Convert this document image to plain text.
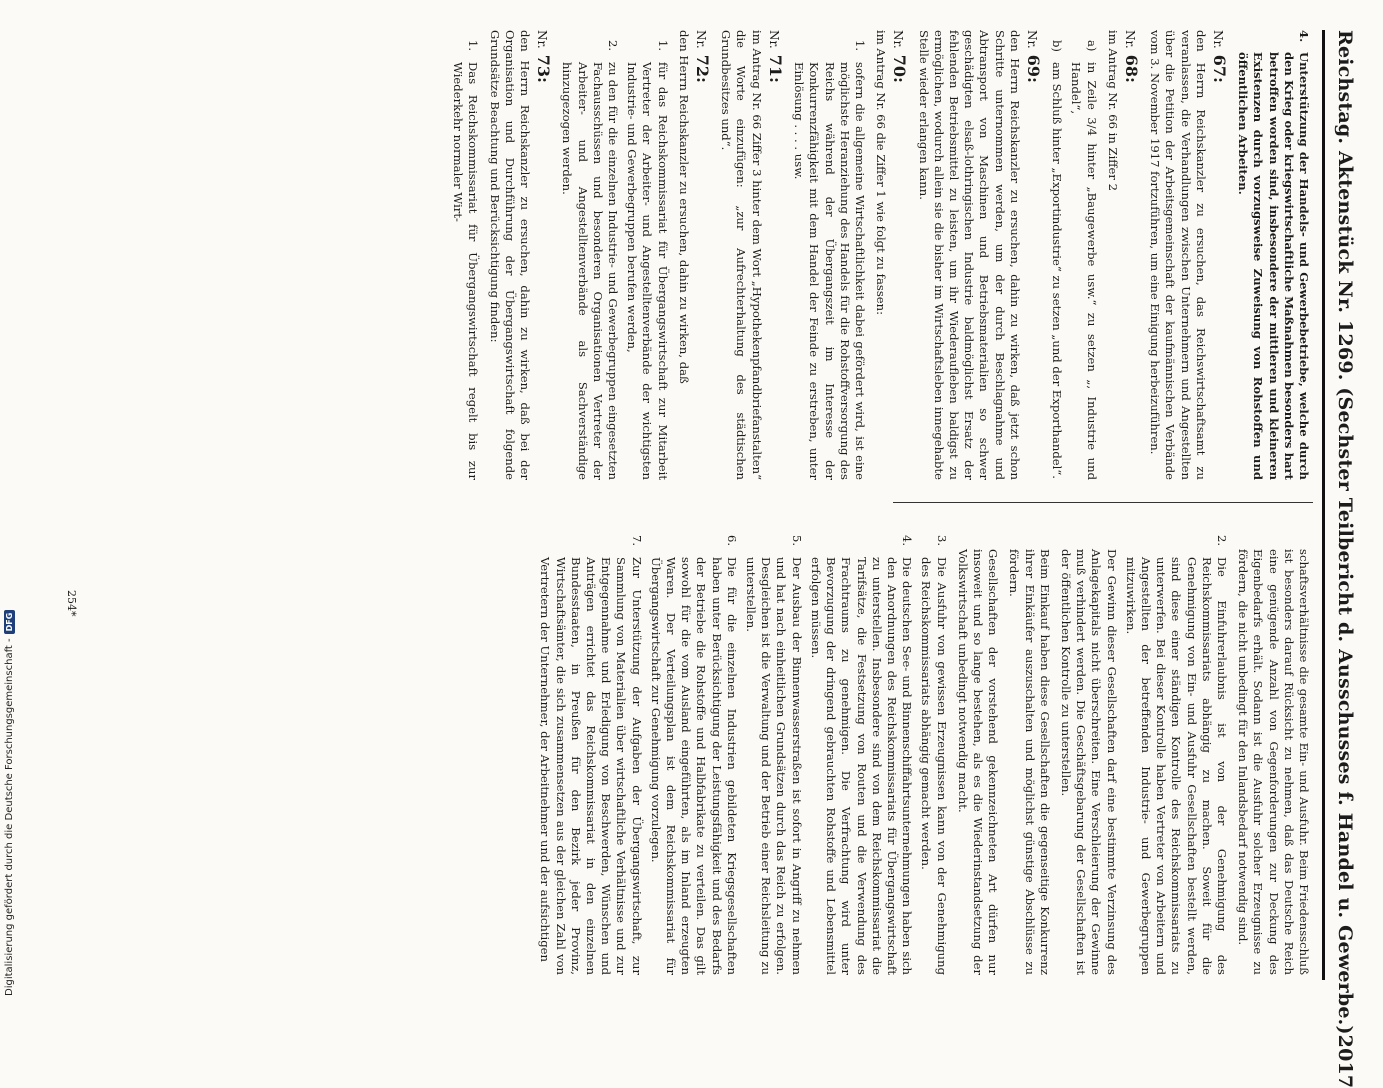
Reichstag. Aktenstück Nr. 1269. (Sechster Teilbericht d. Ausschusses f. Handel u. Gewerbe.)
2017
4.
Unterstützung der Handels- und Gewerbebetriebe, welche durch den Krieg oder kriegswirtschaftliche Maßnahmen besonders hart betroffen worden sind, insbesondere der mittleren und kleineren Existenzen durch vorzugsweise Zuweisung von Rohstoffen und öffentlichen Arbeiten.
Nr.
67:
den Herrn Reichskanzler zu ersuchen, das Reichswirtschaftsamt zu veranlassen, die Verhandlungen zwischen Unternehmern und Angestellten über die Petition der Arbeitsgemeinschaft der kaufmännischen Verbände vom 3. November 1917 fortzuführen, um eine Einigung herbeizuführen.
Nr.
68:
im Antrag Nr. 66 in Ziffer 2
a)
in Zeile 3/4 hinter „Baugewerbe usw.“ zu setzen „, Industrie und Handel“,
b)
am Schluß hinter „Exportindustrie“ zu setzen „und der Exporthandel“.
Nr.
69:
den Herrn Reichskanzler zu ersuchen, dahin zu wirken, daß jetzt schon Schritte unternommen werden, um der durch Beschlagnahme und Abtransport von Maschinen und Betriebsmaterialien so schwer geschädigten elsaß-lothringischen Industrie baldmöglichst Ersatz der fehlenden Betriebsmittel zu leisten, um ihr Wiederaufleben baldigst zu ermöglichen, wodurch allein sie die bisher im Wirtschaftsleben innegehabte Stelle wieder erlangen kann.
Nr.
70:
im Antrag Nr. 66 die Ziffer 1 wie folgt zu fassen:
1.
sofern die allgemeine Wirtschaftlichkeit dabei gefördert wird, ist eine möglichste Heranziehung des Handels für die Rohstoffversorgung des Reichs während der Übergangszeit im Interesse der Konkurrenzfähigkeit mit dem Handel der Feinde zu erstreben, unter Einlösung . . . . usw.
Nr.
71:
im Antrag Nr. 66 Ziffer 3 hinter dem Wort „Hypothekenpfandbriefanstalten“ die Worte einzufügen: „zur Aufrechterhaltung des städtischen Grundbesitzes und“.
Nr.
72:
den Herrn Reichskanzler zu ersuchen, dahin zu wirken, daß
1.
für das Reichskommissariat für Übergangswirtschaft zur Mitarbeit Vertreter der Arbeiter- und Angestelltenverbände der wichtigsten Industrie- und Gewerbegruppen berufen werden,
2.
zu den für die einzelnen Industrie- und Gewerbegruppen eingesetzten Fachausschüssen und besonderen Organisationen Vertreter der Arbeiter- und Angestelltenverbände als Sachverständige hinzugezogen werden.
Nr.
73:
den Herrn Reichskanzler zu ersuchen, dahin zu wirken, daß bei der Organisation und Durchführung der Übergangswirtschaft folgende Grundsätze Beachtung und Berücksichtigung finden:
1.
Das Reichskommissariat für Übergangswirtschaft regelt bis zur Wiederkehr normaler Wirt-
schaftsverhältnisse die gesamte Ein- und Ausfuhr. Beim Friedensschluß ist besonders darauf Rücksicht zu nehmen, daß das Deutsche Reich eine genügende Anzahl von Gegenforderungen zur Deckung des Eigenbedarfs erhält. Sodann ist die Ausfuhr solcher Erzeugnisse zu fördern, die nicht unbedingt für den Inlandsbedarf notwendig sind.
2.
Die Einfuhrerlaubnis ist von der Genehmigung des Reichskommissariats abhängig zu machen. Soweit für die Genehmigung von Ein- und Ausfuhr Gesellschaften bestellt werden, sind diese einer ständigen Kontrolle des Reichskommissariats zu unterwerfen. Bei dieser Kontrolle haben Vertreter von Arbeitern und Angestellten der betreffenden Industrie- und Gewerbegruppen mitzuwirken.
Der Gewinn dieser Gesellschaften darf eine bestimmte Verzinsung des Anlagekapitals nicht überschreiten. Eine Verschleierung der Gewinne muß verhindert werden. Die Geschäftsgebarung der Gesellschaften ist der öffentlichen Kontrolle zu unterstellen.
Beim Einkauf haben diese Gesellschaften die gegenseitige Konkurrenz ihrer Einkäufer auszuschalten und möglichst günstige Abschlüsse zu fördern.
Gesellschaften der vorstehend gekennzeichneten Art dürfen nur insoweit und so lange bestehen, als es die Wiederinstandsetzung der Volkswirtschaft unbedingt notwendig macht.
3.
Die Ausfuhr von gewissen Erzeugnissen kann von der Genehmigung des Reichskommissariats abhängig gemacht werden.
4.
Die deutschen See- und Binnenschiffahrtsunternehmungen haben sich den Anordnungen des Reichskommissariats für Übergangswirtschaft zu unterstellen. Insbesondere sind von dem Reichskommissariat die Tarifsätze, die Festsetzung von Routen und die Verwendung des Frachtraums zu genehmigen. Die Verfrachtung wird unter Bevorzugung der dringend gebrauchten Rohstoffe und Lebensmittel erfolgen müssen.
5.
Der Ausbau der Binnenwasserstraßen ist sofort in Angriff zu nehmen und hat nach einheitlichen Grundsätzen durch das Reich zu erfolgen. Desgleichen ist die Verwaltung und der Betrieb einer Reichsleitung zu unterstellen.
6.
Die für die einzelnen Industrien gebildeten Kriegsgesellschaften haben unter Berücksichtigung der Leistungsfähigkeit und des Bedarfs der Betriebe die Rohstoffe und Halbfabrikate zu verteilen. Das gilt sowohl für die vom Ausland eingeführten, als im Inland erzeugten Waren. Der Verteilungsplan ist dem Reichskommissariat für Übergangswirtschaft zur Genehmigung vorzulegen.
7.
Zur Unterstützung der Aufgaben der Übergangswirtschaft, zur Sammlung von Materialien über wirtschaftliche Verhältnisse und zur Entgegennahme und Erledigung von Beschwerden, Wünschen und Anträgen errichtet das Reichskommissariat in den einzelnen Bundesstaaten, in Preußen für den Bezirk jeder Provinz, Wirtschaftsämter, die sich zusammensetzen aus der gleichen Zahl von Vertretern der Unternehmer, der Arbeitnehmer und der aufsichtigen
254*
Digitalisierung gefördert durch die Deutsche Forschungsgemeinschaft -
DFG
